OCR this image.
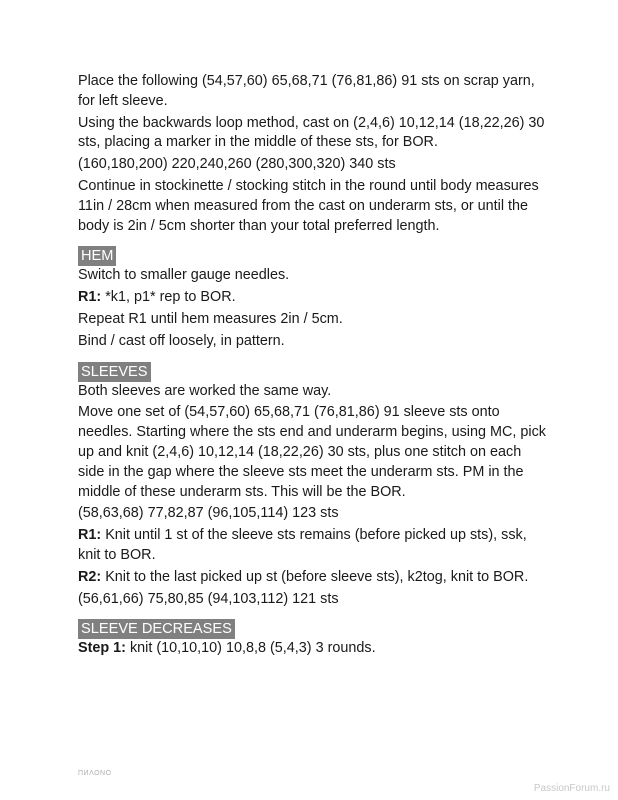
Place the following (54,57,60) 65,68,71 (76,81,86) 91 sts on scrap yarn, for left sleeve.

Using the backwards loop method, cast on (2,4,6) 10,12,14 (18,22,26) 30 sts, placing a marker in the middle of these sts, for BOR.

(160,180,200) 220,240,260 (280,300,320) 340 sts

Continue in stockinette / stocking stitch in the round until body measures 11in / 28cm when measured from the cast on underarm sts, or until the body is 2in / 5cm shorter than your total preferred length.

HEM

Switch to smaller gauge needles.

R1: *k1, p1* rep to BOR.

Repeat R1 until hem measures 2in / 5cm.

Bind / cast off loosely, in pattern.

SLEEVES

Both sleeves are worked the same way.

Move one set of (54,57,60) 65,68,71 (76,81,86) 91 sleeve sts onto needles. Starting where the sts end and underarm begins, using MC, pick up and knit (2,4,6) 10,12,14 (18,22,26) 30 sts, plus one stitch on each side in the gap where the sleeve sts meet the underarm sts. PM in the middle of these underarm sts. This will be the BOR.

(58,63,68) 77,82,87 (96,105,114) 123 sts

R1: Knit until 1 st of the sleeve sts remains (before picked up sts), ssk, knit to BOR.

R2: Knit to the last picked up st (before sleeve sts), k2tog, knit to BOR.

(56,61,66) 75,80,85 (94,103,112) 121 sts

SLEEVE DECREASES

Step 1: knit (10,10,10) 10,8,8 (5,4,3) 3 rounds.

ΠИΛΟΝΟ
PassionForum.ru
